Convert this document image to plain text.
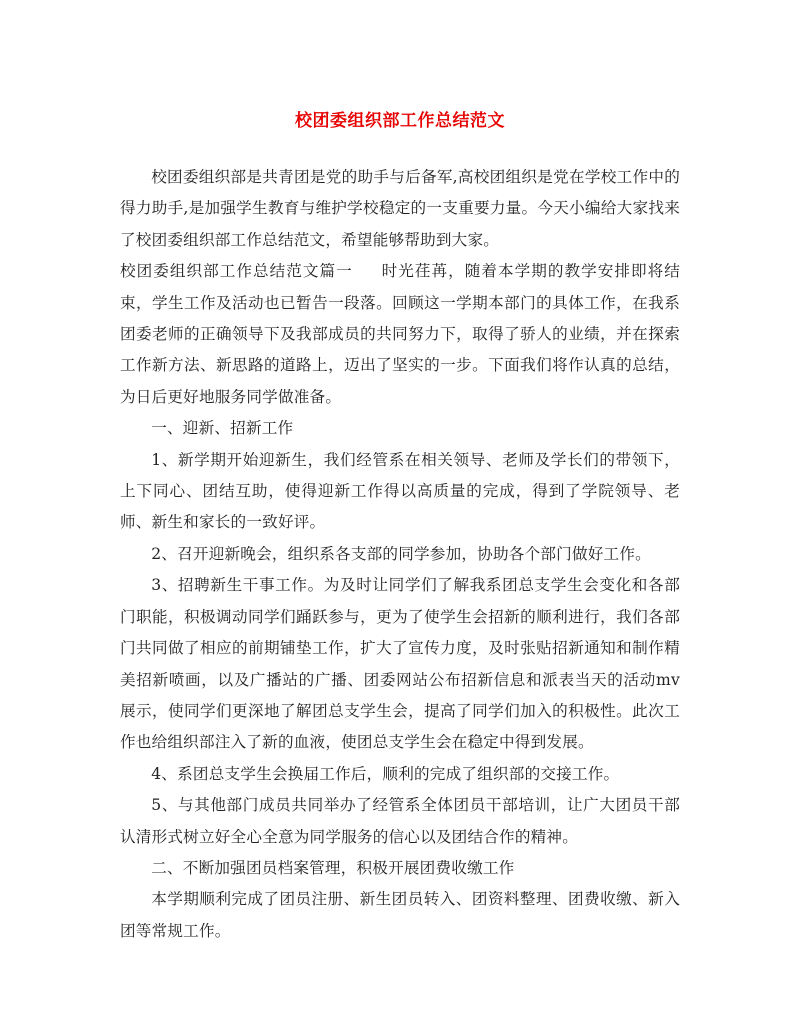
校团委组织部工作总结范文

校团委组织部是共青团是党的助手与后备军,高校团组织是党在学校工作中的得力助手,是加强学生教育与维护学校稳定的一支重要力量。今天小编给大家找来了校团委组织部工作总结范文，希望能够帮助到大家。

校团委组织部工作总结范文篇一 时光荏苒，随着本学期的教学安排即将结束，学生工作及活动也已暂告一段落。回顾这一学期本部门的具体工作，在我系团委老师的正确领导下及我部成员的共同努力下，取得了骄人的业绩，并在探索工作新方法、新思路的道路上，迈出了坚实的一步。下面我们将作认真的总结，为日后更好地服务同学做准备。

一、迎新、招新工作

1、新学期开始迎新生，我们经管系在相关领导、老师及学长们的带领下，上下同心、团结互助，使得迎新工作得以高质量的完成，得到了学院领导、老师、新生和家长的一致好评。

2、召开迎新晚会，组织系各支部的同学参加，协助各个部门做好工作。

3、招聘新生干事工作。为及时让同学们了解我系团总支学生会变化和各部门职能，积极调动同学们踊跃参与，更为了使学生会招新的顺利进行，我们各部门共同做了相应的前期铺垫工作，扩大了宣传力度，及时张贴招新通知和制作精美招新喷画，以及广播站的广播、团委网站公布招新信息和派表当天的活动mv展示，使同学们更深地了解团总支学生会，提高了同学们加入的积极性。此次工作也给组织部注入了新的血液，使团总支学生会在稳定中得到发展。

4、系团总支学生会换届工作后，顺利的完成了组织部的交接工作。

5、与其他部门成员共同举办了经管系全体团员干部培训，让广大团员干部认清形式树立好全心全意为同学服务的信心以及团结合作的精神。

二、不断加强团员档案管理，积极开展团费收缴工作

本学期顺利完成了团员注册、新生团员转入、团资料整理、团费收缴、新入团等常规工作。
